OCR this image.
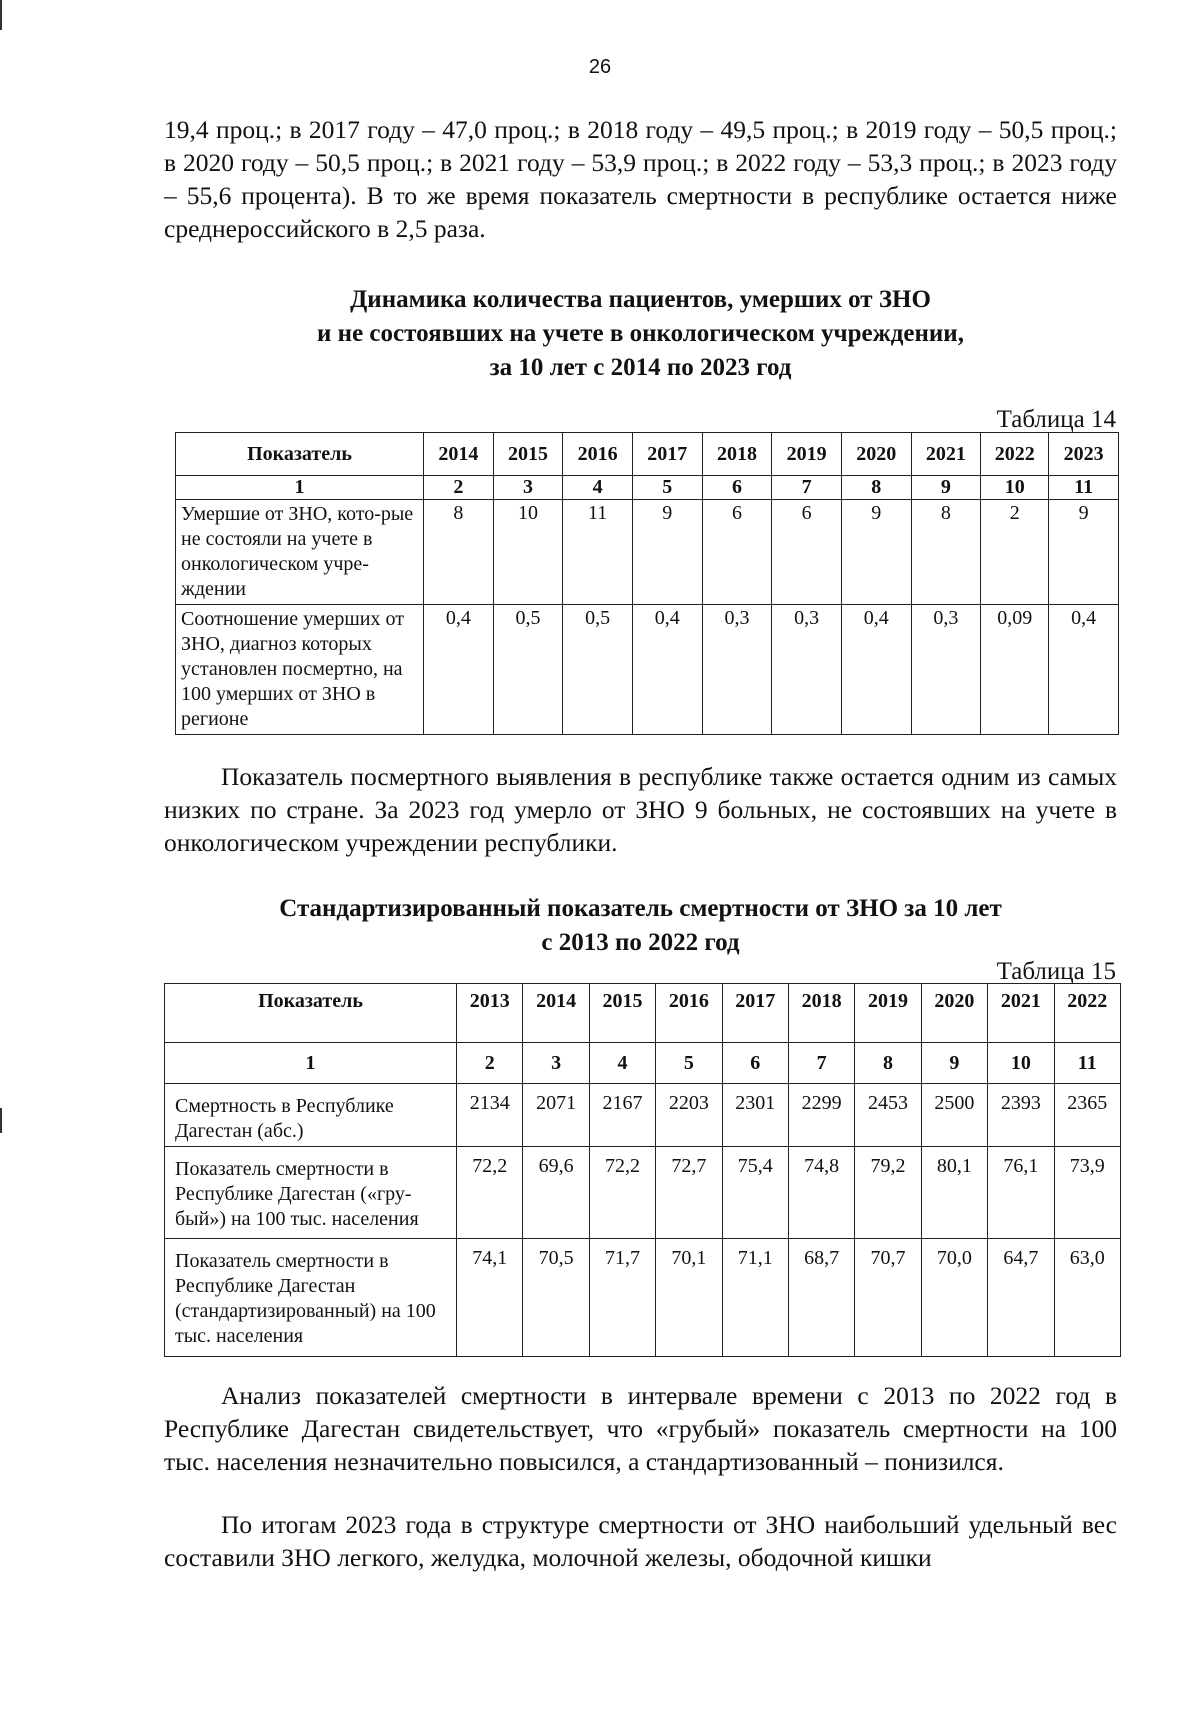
26

19,4 проц.; в 2017 году – 47,0 проц.; в 2018 году – 49,5 проц.; в 2019 году – 50,5 проц.; в 2020 году – 50,5 проц.; в 2021 году – 53,9 проц.; в 2022 году – 53,3 проц.; в 2023 году – 55,6 процента). В то же время показатель смертности в республике остается ниже среднероссийского в 2,5 раза.

Динамика количества пациентов, умерших от ЗНО
и не состоявших на учете в онкологическом учреждении,
за 10 лет с 2014 по 2023 год
Таблица 14
Показатель	2014	2015	2016	2017	2018	2019	2020	2021	2022	2023
1	2	3	4	5	6	7	8	9	10	11
Умершие от ЗНО, кото-рые не состояли на учете в онкологическом учре-ждении	8	10	11	9	6	6	9	8	2	9
Соотношение умерших от ЗНО, диагноз которых установлен посмертно, на 100 умерших от ЗНО в регионе	0,4	0,5	0,5	0,4	0,3	0,3	0,4	0,3	0,09	0,4

Показатель посмертного выявления в республике также остается одним из самых низких по стране. За 2023 год умерло от ЗНО 9 больных, не состоявших на учете в онкологическом учреждении республики.

Стандартизированный показатель смертности от ЗНО за 10 лет
с 2013 по 2022 год
Таблица 15
Показатель	2013	2014	2015	2016	2017	2018	2019	2020	2021	2022
1	2	3	4	5	6	7	8	9	10	11
Смертность в Республике Дагестан (абс.)	2134	2071	2167	2203	2301	2299	2453	2500	2393	2365
Показатель смертности в Республике Дагестан («гру-бый») на 100 тыс. населения	72,2	69,6	72,2	72,7	75,4	74,8	79,2	80,1	76,1	73,9
Показатель смертности в Республике Дагестан (стандартизированный) на 100 тыс. населения	74,1	70,5	71,7	70,1	71,1	68,7	70,7	70,0	64,7	63,0

Анализ показателей смертности в интервале времени с 2013 по 2022 год в Республике Дагестан свидетельствует, что «грубый» показатель смертности на 100 тыс. населения незначительно повысился, а стандартизованный – понизился.

По итогам 2023 года в структуре смертности от ЗНО наибольший удельный вес составили ЗНО легкого, желудка, молочной железы, ободочной кишки
